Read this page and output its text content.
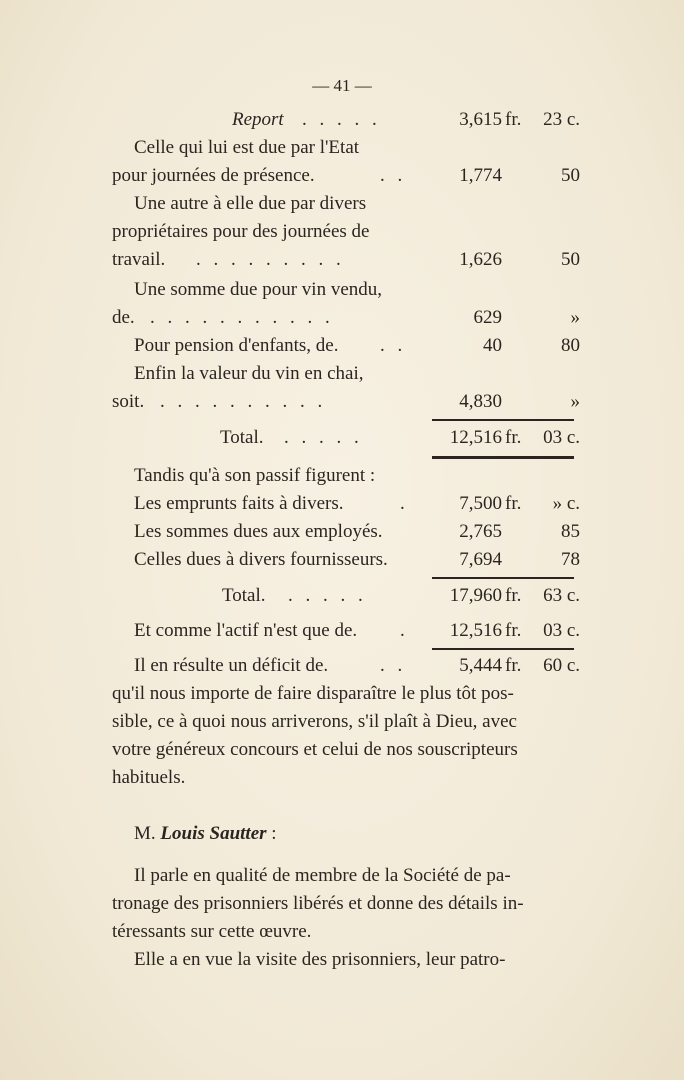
— 41 —
Report . . . . .	3,615 fr. 23 c.
Celle qui lui est due par l'Etat
pour journées de présence.	. .	1,774	50
Une autre à elle due par divers
propriétaires pour des journées de
travail. . . . . . . . . .	1,626	50
Une somme due pour vin vendu,
de. . . . . . . . . . . .	629	»
Pour pension d'enfants, de. . .	40	80
Enfin la valeur du vin en chai,
soit. . . . . . . . . . .	4,830	»
Total. . . . . .	12,516 fr. 03 c.
Tandis qu'à son passif figurent :
Les emprunts faits à divers.	.	7,500 fr. » c.
Les sommes dues aux employés.	2,765	85
Celles dues à divers fournisseurs.	7,694	78
Total. . . . . .	17,960 fr. 63 c.
Et comme l'actif n'est que de. . 12,516 fr. 03 c.
Il en résulte un déficit de.	. .	5,444 fr. 60 c.
qu'il nous importe de faire disparaître le plus tôt pos-
sible, ce à quoi nous arriverons, s'il plaît à Dieu, avec
votre généreux concours et celui de nos souscripteurs
habituels.
M. Louis Sautter :
Il parle en qualité de membre de la Société de pa-
tronage des prisonniers libérés et donne des détails in-
téressants sur cette œuvre.
Elle a en vue la visite des prisonniers, leur patro-
